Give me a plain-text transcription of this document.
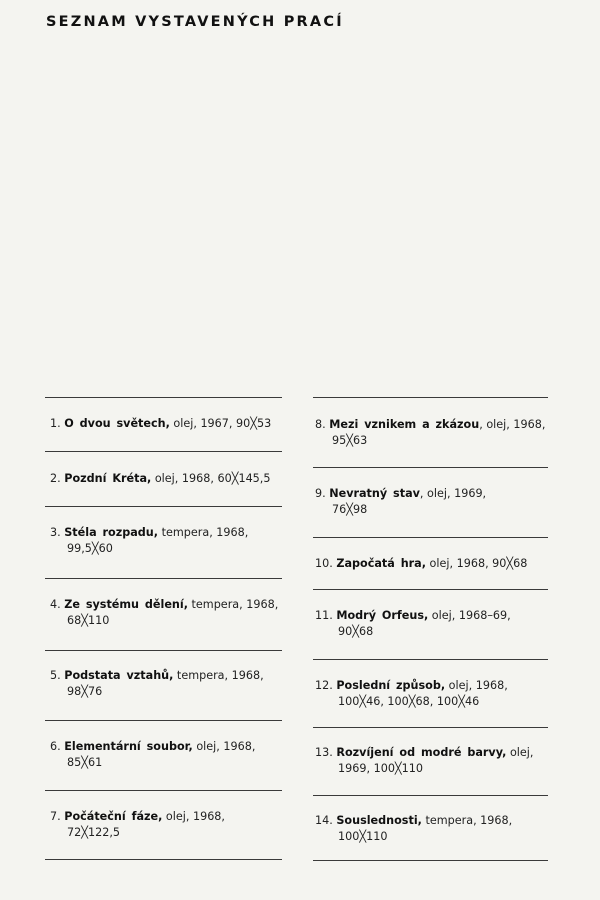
SEZNAM VYSTAVENÝCH PRACÍ
1. O dvou světech, olej, 1967, 90╳53
2. Pozdní Kréta, olej, 1968, 60╳145,5
3. Stéla rozpadu, tempera, 1968,
99,5╳60
4. Ze systému dělení, tempera, 1968,
68╳110
5. Podstata vztahů, tempera, 1968,
98╳76
6. Elementární soubor, olej, 1968,
85╳61
7. Počáteční fáze, olej, 1968,
72╳122,5
8. Mezi vznikem a zkázou, olej, 1968,
95╳63
9. Nevratný stav, olej, 1969,
76╳98
10. Započatá hra, olej, 1968, 90╳68
11. Modrý Orfeus, olej, 1968–69,
90╳68
12. Poslední způsob, olej, 1968,
100╳46, 100╳68, 100╳46
13. Rozvíjení od modré barvy, olej,
1969, 100╳110
14. Souslednosti, tempera, 1968,
100╳110
